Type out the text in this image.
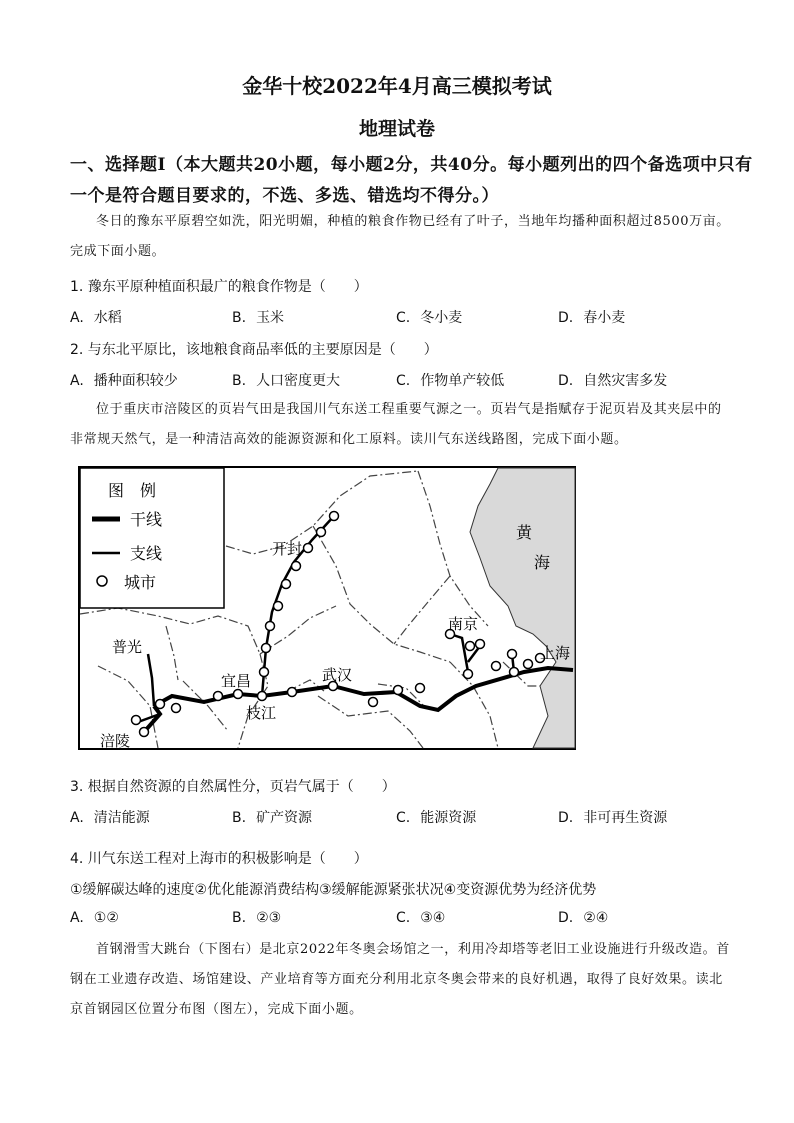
金华十校2022年4月高三模拟考试
地理试卷
一、选择题Ⅰ（本大题共20小题，每小题2分，共40分。每小题列出的四个备选项中只有
一个是符合题目要求的，不选、多选、错选均不得分。）
冬日的豫东平原碧空如洗，阳光明媚，种植的粮食作物已经有了叶子，当地年均播种面积超过8500万亩。完成下面小题。
1. 豫东平原种植面积最广的粮食作物是（　　）
A. 水稻	B. 玉米	C. 冬小麦	D. 春小麦
2. 与东北平原比，该地粮食商品率低的主要原因是（　　）
A. 播种面积较少	B. 人口密度更大	C. 作物单产较低	D. 自然灾害多发
位于重庆市涪陵区的页岩气田是我国川气东送工程重要气源之一。页岩气是指赋存于泥页岩及其夹层中的非常规天然气，是一种清洁高效的能源资源和化工原料。读川气东送线路图，完成下面小题。
黄
海
图　例
干线
支线
城市
开封
南京
上海
普光
宜昌	武汉
枝江
涪陵
3. 根据自然资源的自然属性分，页岩气属于（　　）
A. 清洁能源	B. 矿产资源	C. 能源资源	D. 非可再生资源
4. 川气东送工程对上海市的积极影响是（　　）
①缓解碳达峰的速度②优化能源消费结构③缓解能源紧张状况④变资源优势为经济优势
A. ①②	B. ②③	C. ③④	D. ②④
首钢滑雪大跳台（下图右）是北京2022年冬奥会场馆之一，利用冷却塔等老旧工业设施进行升级改造。首钢在工业遗存改造、场馆建设、产业培育等方面充分利用北京冬奥会带来的良好机遇，取得了良好效果。读北京首钢园区位置分布图（图左），完成下面小题。
